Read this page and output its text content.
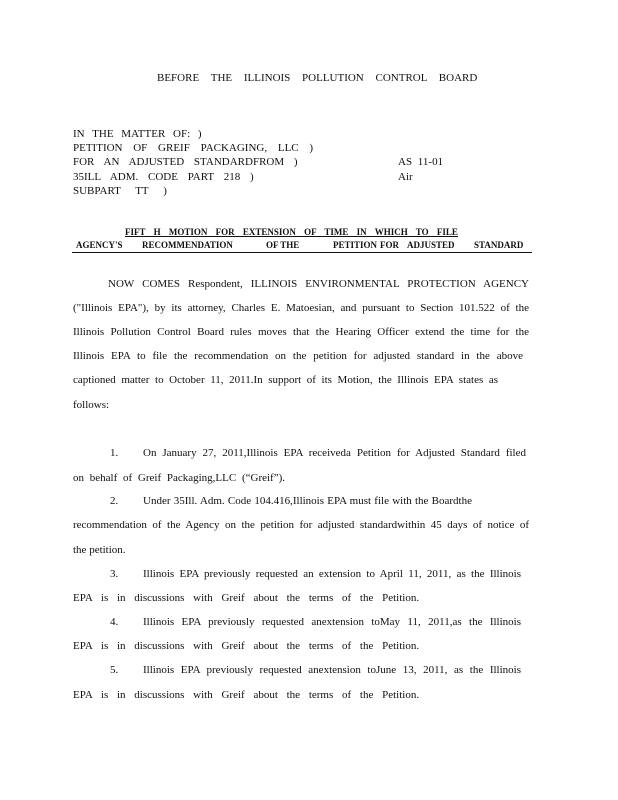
BEFORE THE ILLINOIS POLLUTION CONTROL BOARD
IN THE MATTER OF: )
PETITION OF GREIF PACKAGING, LLC )
FOR AN ADJUSTED STANDARDFROM )
35ILL ADM. CODE PART 218 )
SUBPART TT )
AS 11-01
Air
FIFT H MOTION FOR EXTENSION OF TIME IN WHICH TO FILE
AGENCY'S RECOMMENDATION	OF THE	PETITION FOR ADJUSTED STANDARD
NOW COMES Respondent, ILLINOIS ENVIRONMENTAL PROTECTION AGENCY
("Illinois EPA"), by its attorney, Charles E. Matoesian, and pursuant to Section 101.522 of the
Illinois Pollution Control Board rules moves that the Hearing Officer extend the time for the
Illinois EPA to file the recommendation on the petition for adjusted standard in the above
captioned matter to October 11, 2011.In support of its Motion, the Illinois EPA states as
follows:
1. On January 27, 2011,Illinois EPA receiveda Petition for Adjusted Standard filed
on behalf of Greif Packaging,LLC (“Greif”).
2. Under 35Ill. Adm. Code 104.416,Illinois EPA must file with the Boardthe
recommendation of the Agency on the petition for adjusted standardwithin 45 days of notice of
the petition.
3. Illinois EPA previously requested an extension to April 11, 2011, as the Illinois
EPA is in discussions with Greif about the terms of the Petition.
4. Illinois EPA previously requested anextension toMay 11, 2011,as the Illinois
EPA is in discussions with Greif about the terms of the Petition.
5. Illinois EPA previously requested anextension toJune 13, 2011, as the Illinois
EPA is in discussions with Greif about the terms of the Petition.
